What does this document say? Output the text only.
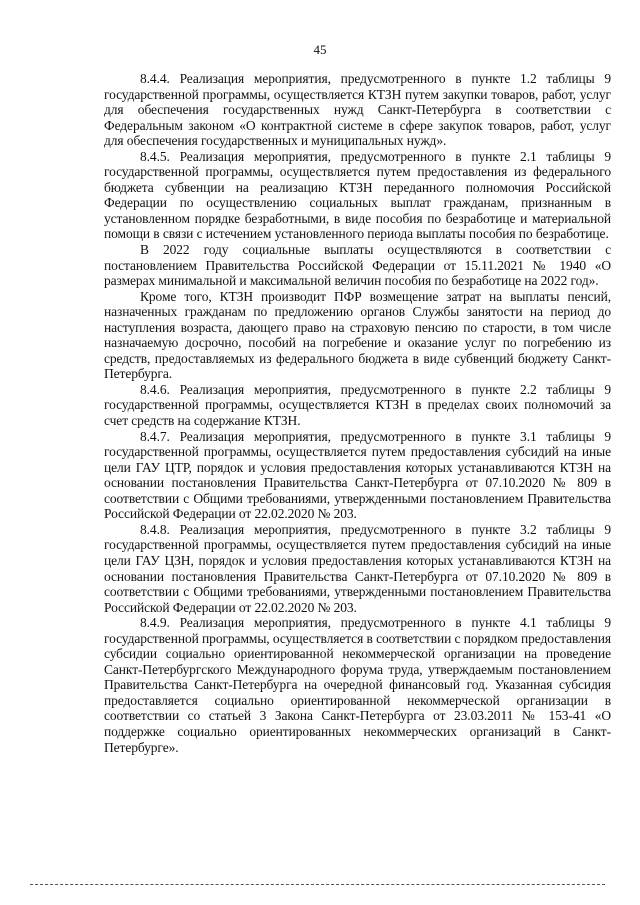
45

8.4.4. Реализация мероприятия, предусмотренного в пункте 1.2 таблицы 9 государственной программы, осуществляется КТЗН путем закупки товаров, работ, услуг для обеспечения государственных нужд Санкт-Петербурга в соответствии с Федеральным законом «О контрактной системе в сфере закупок товаров, работ, услуг для обеспечения государственных и муниципальных нужд».

8.4.5. Реализация мероприятия, предусмотренного в пункте 2.1 таблицы 9 государственной программы, осуществляется путем предоставления из федерального бюджета субвенции на реализацию КТЗН переданного полномочия Российской Федерации по осуществлению социальных выплат гражданам, признанным в установленном порядке безработными, в виде пособия по безработице и материальной помощи в связи с истечением установленного периода выплаты пособия по безработице.

В 2022 году социальные выплаты осуществляются в соответствии с постановлением Правительства Российской Федерации от 15.11.2021 № 1940 «О размерах минимальной и максимальной величин пособия по безработице на 2022 год».

Кроме того, КТЗН производит ПФР возмещение затрат на выплаты пенсий, назначенных гражданам по предложению органов Службы занятости на период до наступления возраста, дающего право на страховую пенсию по старости, в том числе назначаемую досрочно, пособий на погребение и оказание услуг по погребению из средств, предоставляемых из федерального бюджета в виде субвенций бюджету Санкт-Петербурга.

8.4.6. Реализация мероприятия, предусмотренного в пункте 2.2 таблицы 9 государственной программы, осуществляется КТЗН в пределах своих полномочий за счет средств на содержание КТЗН.

8.4.7. Реализация мероприятия, предусмотренного в пункте 3.1 таблицы 9 государственной программы, осуществляется путем предоставления субсидий на иные цели ГАУ ЦТР, порядок и условия предоставления которых устанавливаются КТЗН на основании постановления Правительства Санкт-Петербурга от 07.10.2020 № 809 в соответствии с Общими требованиями, утвержденными постановлением Правительства Российской Федерации от 22.02.2020 № 203.

8.4.8. Реализация мероприятия, предусмотренного в пункте 3.2 таблицы 9 государственной программы, осуществляется путем предоставления субсидий на иные цели ГАУ ЦЗН, порядок и условия предоставления которых устанавливаются КТЗН на основании постановления Правительства Санкт-Петербурга от 07.10.2020 № 809 в соответствии с Общими требованиями, утвержденными постановлением Правительства Российской Федерации от 22.02.2020 № 203.

8.4.9. Реализация мероприятия, предусмотренного в пункте 4.1 таблицы 9 государственной программы, осуществляется в соответствии с порядком предоставления субсидии социально ориентированной некоммерческой организации на проведение Санкт-Петербургского Международного форума труда, утверждаемым постановлением Правительства Санкт-Петербурга на очередной финансовый год. Указанная субсидия предоставляется социально ориентированной некоммерческой организации в соответствии со статьей 3 Закона Санкт-Петербурга от 23.03.2011 № 153-41 «О поддержке социально ориентированных некоммерческих организаций в Санкт-Петербурге».
